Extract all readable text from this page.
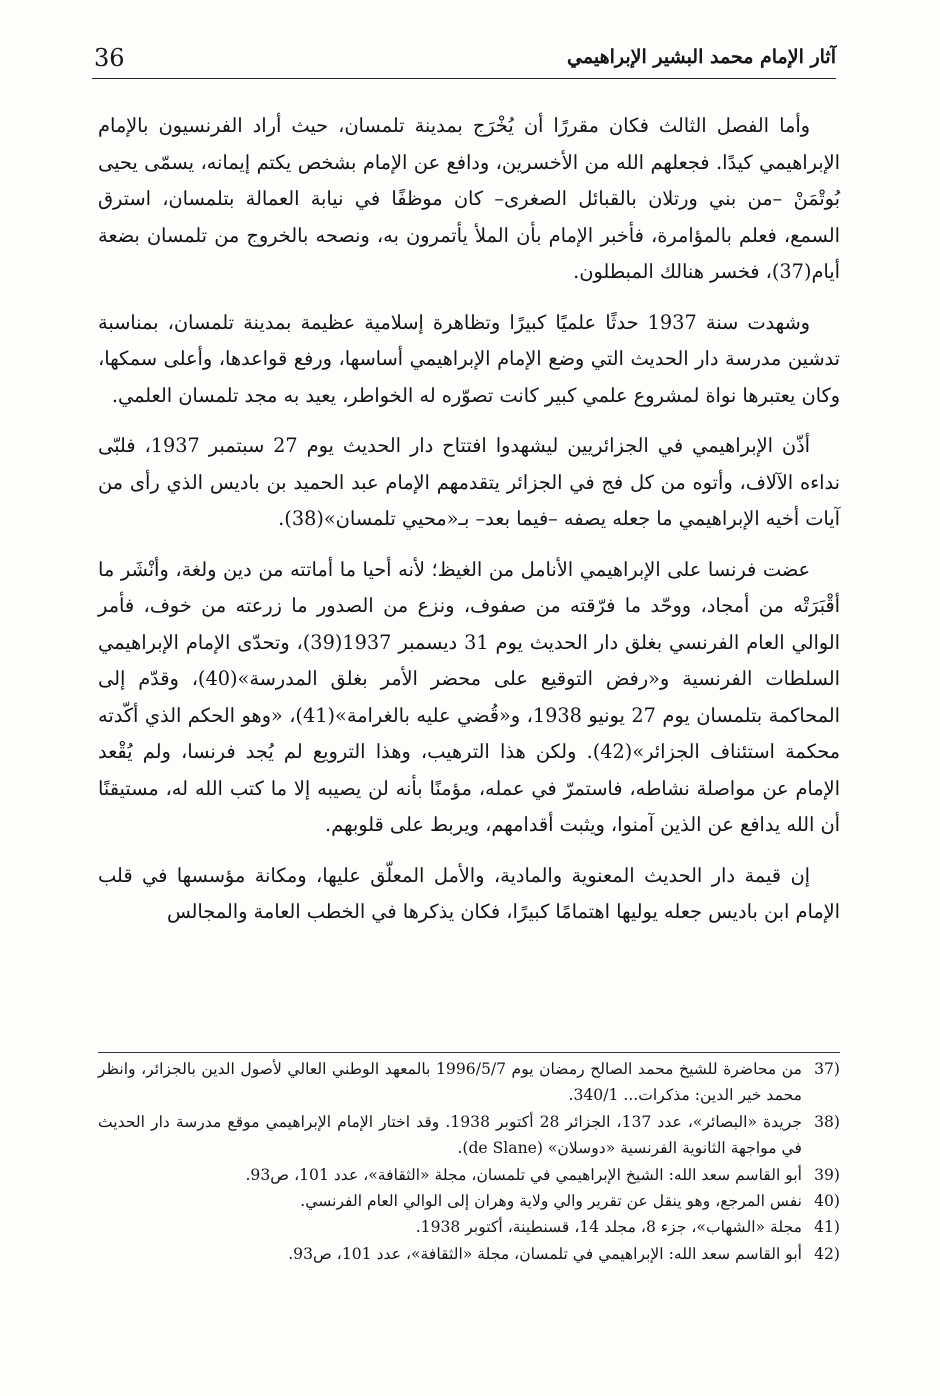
آثار الإمام محمد البشير الإبراهيمي
36

وأما الفصل الثالث فكان مقررًا أن يُخْرَج بمدينة تلمسان، حيث أراد الفرنسيون بالإمام الإبراهيمي كيدًا. فجعلهم الله من الأخسرين، ودافع عن الإمام بشخص يكتم إيمانه، يسمّى يحيى بُوتْمَنْ –من بني ورتلان بالقبائل الصغرى– كان موظفًا في نيابة العمالة بتلمسان، استرق السمع، فعلم بالمؤامرة، فأخبر الإمام بأن الملأ يأتمرون به، ونصحه بالخروج من تلمسان بضعة أيام(37)، فخسر هنالك المبطلون.

وشهدت سنة 1937 حدثًا علميًا كبيرًا وتظاهرة إسلامية عظيمة بمدينة تلمسان، بمناسبة تدشين مدرسة دار الحديث التي وضع الإمام الإبراهيمي أساسها، ورفع قواعدها، وأعلى سمكها، وكان يعتبرها نواة لمشروع علمي كبير كانت تصوّره له الخواطر، يعيد به مجد تلمسان العلمي.

أذّن الإبراهيمي في الجزائريين ليشهدوا افتتاح دار الحديث يوم 27 سبتمبر 1937، فلبّى نداءه الآلاف، وأتوه من كل فج في الجزائر يتقدمهم الإمام عبد الحميد بن باديس الذي رأى من آيات أخيه الإبراهيمي ما جعله يصفه –فيما بعد– بـ«محيي تلمسان»(38).

عضت فرنسا على الإبراهيمي الأنامل من الغيظ؛ لأنه أحيا ما أماتته من دين ولغة، وأنْشَر ما أقْبَرَتْه من أمجاد، ووحّد ما فرّقته من صفوف، ونزع من الصدور ما زرعته من خوف، فأمر الوالي العام الفرنسي بغلق دار الحديث يوم 31 ديسمبر 1937(39)، وتحدّى الإمام الإبراهيمي السلطات الفرنسية و«رفض التوقيع على محضر الأمر بغلق المدرسة»(40)، وقدّم إلى المحاكمة بتلمسان يوم 27 يونيو 1938، و«قُضي عليه بالغرامة»(41)، «وهو الحكم الذي أكّدته محكمة استئناف الجزائر»(42). ولكن هذا الترهيب، وهذا الترويع لم يُجد فرنسا، ولم يُقْعد الإمام عن مواصلة نشاطه، فاستمرّ في عمله، مؤمنًا بأنه لن يصيبه إلا ما كتب الله له، مستيقنًا أن الله يدافع عن الذين آمنوا، ويثبت أقدامهم، ويربط على قلوبهم.

إن قيمة دار الحديث المعنوية والمادية، والأمل المعلّق عليها، ومكانة مؤسسها في قلب الإمام ابن باديس جعله يوليها اهتمامًا كبيرًا، فكان يذكرها في الخطب العامة والمجالس

37)
من محاضرة للشيخ محمد الصالح رمضان يوم 1996/5/7 بالمعهد الوطني العالي لأصول الدين بالجزائر، وانظر محمد خير الدين: مذكرات... 340/1.
38)
جريدة «البصائر»، عدد 137، الجزائر 28 أكتوبر 1938. وقد اختار الإمام الإبراهيمي موقع مدرسة دار الحديث في مواجهة الثانوية الفرنسية «دوسلان» (de Slane).
39)
أبو القاسم سعد الله: الشيخ الإبراهيمي في تلمسان، مجلة «الثقافة»، عدد 101، ص93.
40)
نفس المرجع، وهو ينقل عن تقرير والي ولاية وهران إلى الوالي العام الفرنسي.
41)
مجلة «الشهاب»، جزء 8، مجلد 14، قسنطينة، أكتوبر 1938.
42)
أبو القاسم سعد الله: الإبراهيمي في تلمسان، مجلة «الثقافة»، عدد 101، ص93.
